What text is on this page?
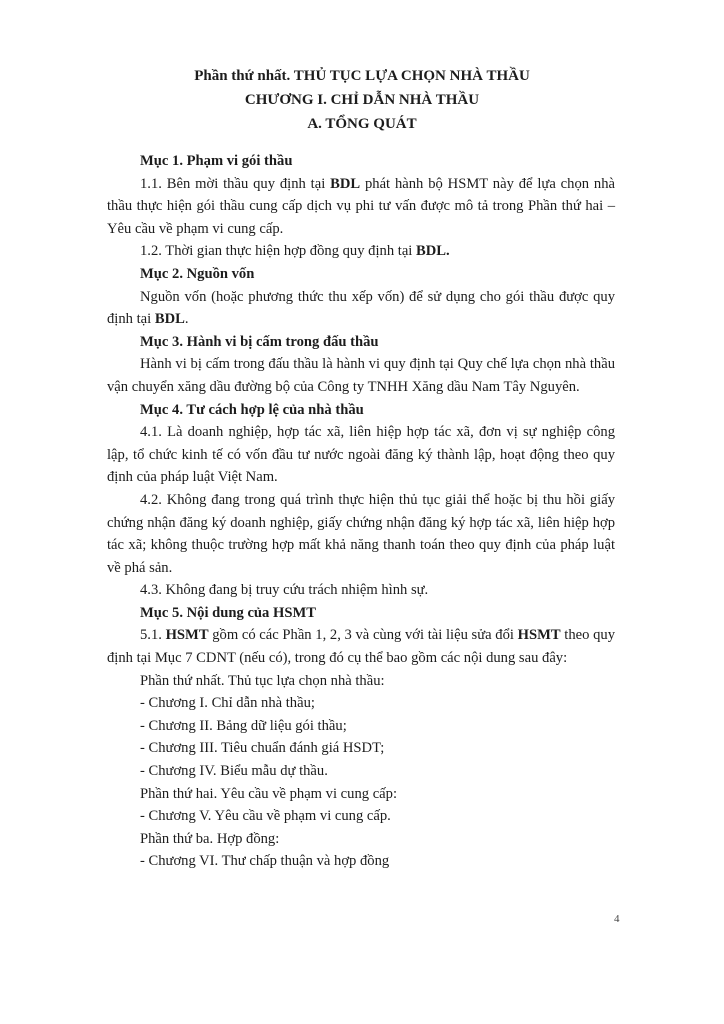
Phần thứ nhất. THỦ TỤC LỰA CHỌN NHÀ THẦU
CHƯƠNG I. CHỈ DẪN NHÀ THẦU
A. TỔNG QUÁT

Mục 1. Phạm vi gói thầu

1.1. Bên mời thầu quy định tại BDL phát hành bộ HSMT này để lựa chọn nhà thầu thực hiện gói thầu cung cấp dịch vụ phi tư vấn được mô tả trong Phần thứ hai – Yêu cầu về phạm vi cung cấp.

1.2. Thời gian thực hiện hợp đồng quy định tại BDL.

Mục 2. Nguồn vốn

Nguồn vốn (hoặc phương thức thu xếp vốn) để sử dụng cho gói thầu được quy định tại BDL.

Mục 3. Hành vi bị cấm trong đấu thầu

Hành vi bị cấm trong đấu thầu là hành vi quy định tại Quy chế lựa chọn nhà thầu vận chuyển xăng dầu đường bộ của Công ty TNHH Xăng dầu Nam Tây Nguyên.

Mục 4. Tư cách hợp lệ của nhà thầu

4.1. Là doanh nghiệp, hợp tác xã, liên hiệp hợp tác xã, đơn vị sự nghiệp công lập, tổ chức kinh tế có vốn đầu tư nước ngoài đăng ký thành lập, hoạt động theo quy định của pháp luật Việt Nam.

4.2. Không đang trong quá trình thực hiện thủ tục giải thể hoặc bị thu hồi giấy chứng nhận đăng ký doanh nghiệp, giấy chứng nhận đăng ký hợp tác xã, liên hiệp hợp tác xã; không thuộc trường hợp mất khả năng thanh toán theo quy định của pháp luật về phá sản.

4.3. Không đang bị truy cứu trách nhiệm hình sự.

Mục 5. Nội dung của HSMT

5.1. HSMT gồm có các Phần 1, 2, 3 và cùng với tài liệu sửa đổi HSMT theo quy định tại Mục 7 CDNT (nếu có), trong đó cụ thể bao gồm các nội dung sau đây:

Phần thứ nhất. Thủ tục lựa chọn nhà thầu:

- Chương I. Chỉ dẫn nhà thầu;

- Chương II. Bảng dữ liệu gói thầu;

- Chương III. Tiêu chuẩn đánh giá HSDT;

- Chương IV. Biểu mẫu dự thầu.

Phần thứ hai. Yêu cầu về phạm vi cung cấp:

- Chương V. Yêu cầu về phạm vi cung cấp.

Phần thứ ba. Hợp đồng:

- Chương VI. Thư chấp thuận và hợp đồng

4
